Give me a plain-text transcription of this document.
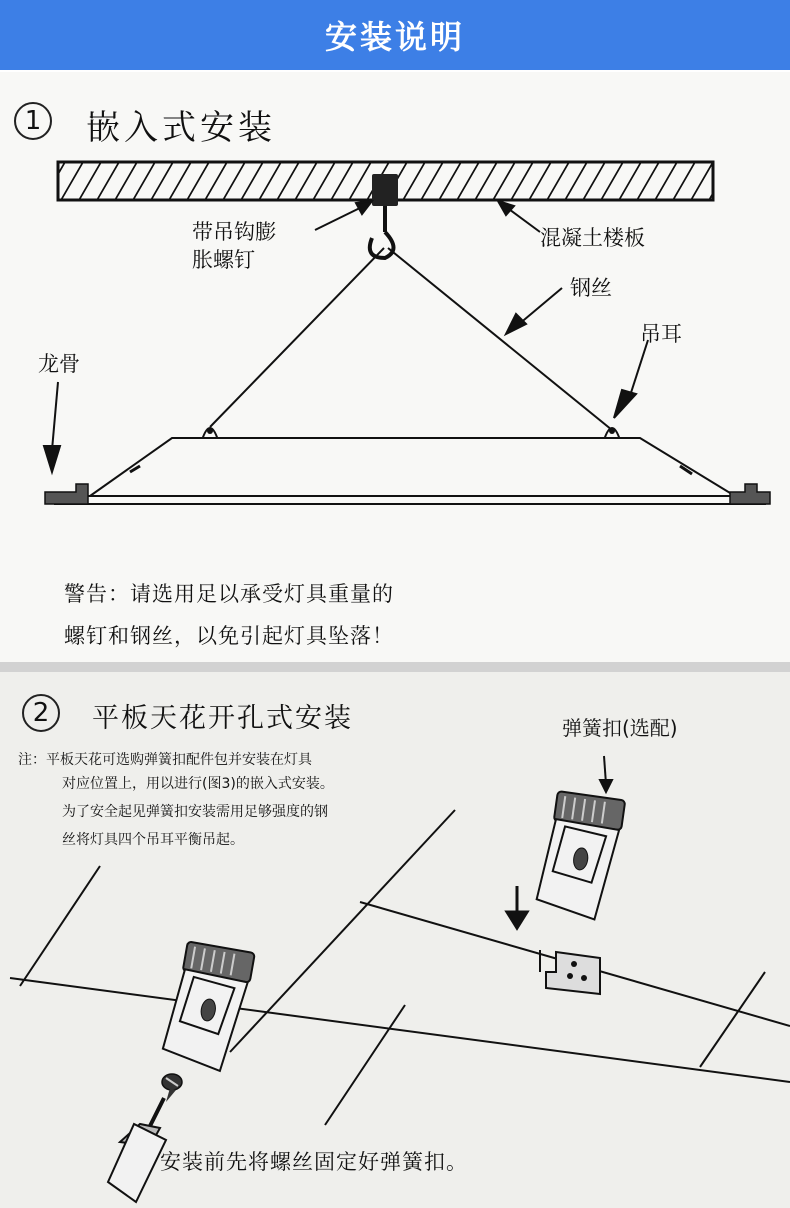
安装说明
1 嵌入式安装
带吊钩膨
胀螺钉
混凝土楼板
钢丝
吊耳
龙骨
警告：请选用足以承受灯具重量的
螺钉和钢丝，以免引起灯具坠落！
2 平板天花开孔式安装	弹簧扣(选配)
注：平板天花可选购弹簧扣配件包并安装在灯具
对应位置上，用以进行(图3)的嵌入式安装。
为了安全起见弹簧扣安装需用足够强度的钢
丝将灯具四个吊耳平衡吊起。
安装前先将螺丝固定好弹簧扣。
